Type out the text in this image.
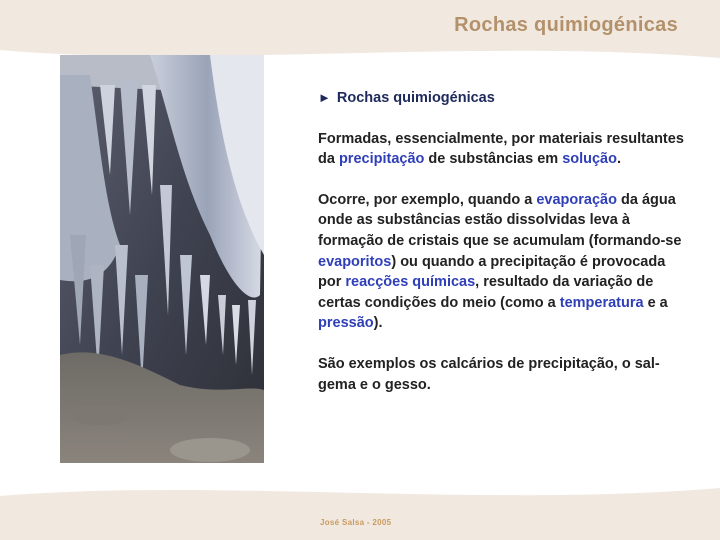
Rochas quimiogénicas
► Rochas quimiogénicas

Formadas, essencialmente, por materiais resultantes da precipitação de substâncias em solução.

Ocorre, por exemplo, quando a evaporação da água onde as substâncias estão dissolvidas leva à formação de cristais que se acumulam (formando-se evaporitos) ou quando a precipitação é provocada por reacções químicas, resultado da variação de certas condições do meio (como a temperatura e a pressão).

São exemplos os calcários de precipitação, o sal-gema e o gesso.

José Salsa - 2005
